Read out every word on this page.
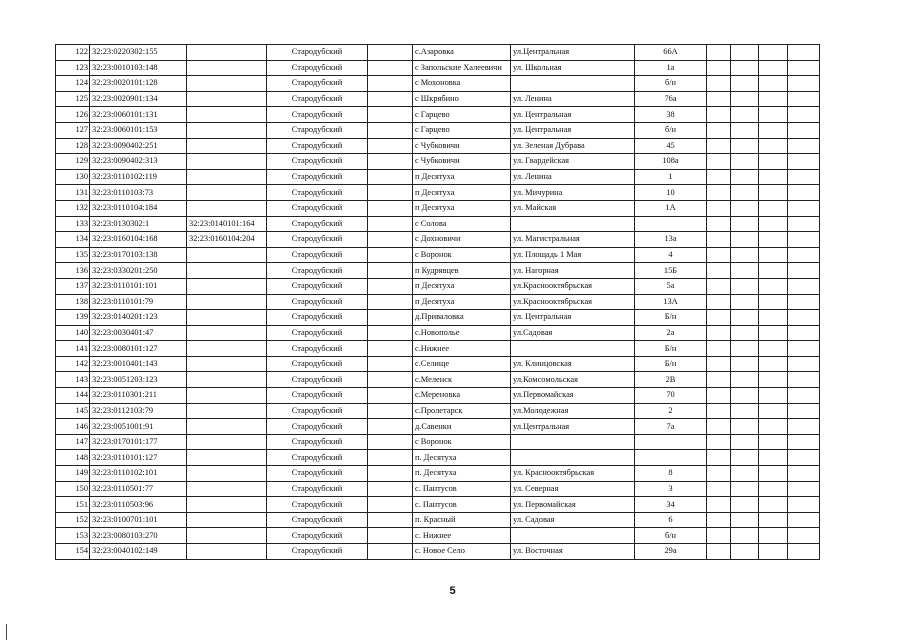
122	32:23:0220302:155		Стародубский		с.Азаровка	ул.Центральная	66А				
123	32:23:0010103:148		Стародубский		с Запольские Халеевичи	ул. Школьная	1а				
124	32:23:0020101:128		Стародубский		с Мохоновка		б/н				
125	32:23:0020901:134		Стародубский		с Шкрябино	ул. Ленина	76а				
126	32:23:0060101:131		Стародубский		с Гарцево	ул. Центральная	38				
127	32:23:0060101:153		Стародубский		с Гарцево	ул. Центральная	б/н				
128	32:23:0090402:251		Стародубский		с Чубковичи	ул. Зеленая Дубрава	45				
129	32:23:0090402:313		Стародубский		с Чубковичи	ул. Гвардейская	108а				
130	32:23:0110102:119		Стародубский		п Десятуха	ул. Ленина	1				
131	32:23:0110103:73		Стародубский		п Десятуха	ул. Мичурина	10				
132	32:23:0110104:184		Стародубский		п Десятуха	ул. Майская	1А				
133	32:23:0130302:1	32:23:0140101:164	Стародубский		с Солова						
134	32:23:0160104:168	32:23:0160104:204	Стародубский		с Дохновичи	ул. Магистральная	13а				
135	32:23:0170103:138		Стародубский		с Воронок	ул. Площадь 1 Мая	4				
136	32:23:0330201:250		Стародубский		п Кудрявцев	ул. Нагорная	15Б				
137	32:23:0110101:101		Стародубский		п Десятуха	ул.Краснооктябрьская	5а				
138	32:23:0110101:79		Стародубский		п Десятуха	ул.Краснооктябрьская	13А				
139	32:23:0140201:123		Стародубский		д.Приваловка	ул. Центральная	Б/н				
140	32:23:0030401:47		Стародубский		с.Новополье	ул.Садовая	2а				
141	32:23:0080101:127		Стародубский		с.Нижнее		Б/н				
142	32:23:0010401:143		Стародубский		с.Селище	ул. Клинцовская	Б/н				
143	32:23:0051203:123		Стародубский		с.Меленск	ул.Комсомольская	2В				
144	32:23:0110301:211		Стародубский		с.Мереновка	ул.Первомайская	70				
145	32:23:0112103:79		Стародубский		с.Пролетарск	ул.Молодежная	2				
146	32:23:0051001:91		Стародубский		д.Савенки	ул.Центральная	7а				
147	32:23:0170101:177		Стародубский		с Воронок						
148	32:23:0110101:127		Стародубский		п. Десятуха						
149	32:23:0110102:101		Стародубский		п. Десятуха	ул. Краснооктябрьская	8				
150	32:23:0110501:77		Стародубский		с. Пантусов	ул. Северная	3				
151	32:23:0110503:96		Стародубский		с. Пантусов	ул. Первомайская	34				
152	32:23:0100701:101		Стародубский		п. Красный	ул. Садовая	6				
153	32:23:0080103:270		Стародубский		с. Нижнее		б/н				
154	32:23:0040102:149		Стародубский		с. Новое Село	ул. Восточная	29а				
5
